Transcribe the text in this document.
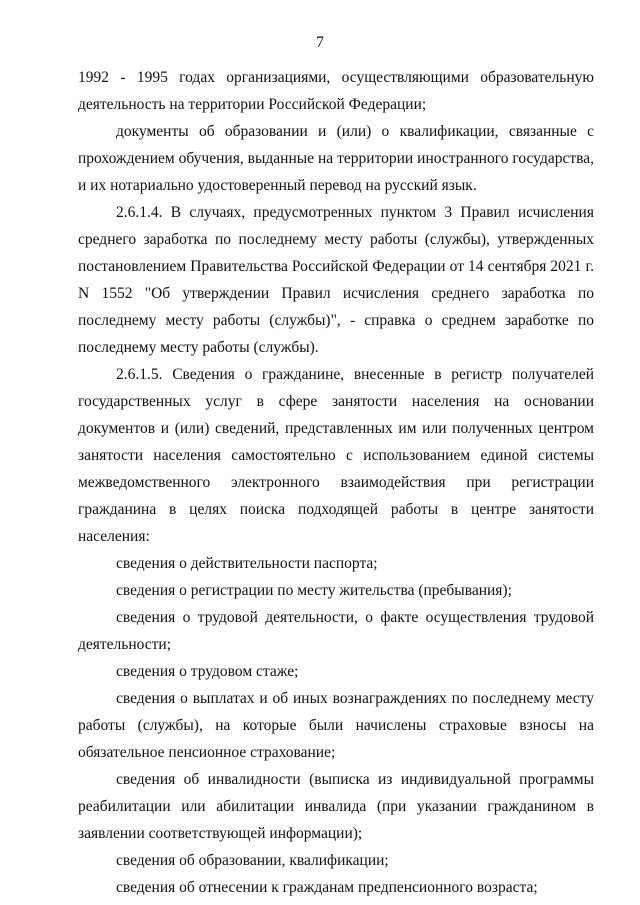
7

1992 - 1995 годах организациями, осуществляющими образовательную деятельность на территории Российской Федерации;

документы об образовании и (или) о квалификации, связанные с прохождением обучения, выданные на территории иностранного государства, и их нотариально удостоверенный перевод на русский язык.

2.6.1.4. В случаях, предусмотренных пунктом 3 Правил исчисления среднего заработка по последнему месту работы (службы), утвержденных постановлением Правительства Российской Федерации от 14 сентября 2021 г. N 1552 "Об утверждении Правил исчисления среднего заработка по последнему месту работы (службы)", - справка о среднем заработке по последнему месту работы (службы).

2.6.1.5. Сведения о гражданине, внесенные в регистр получателей государственных услуг в сфере занятости населения на основании документов и (или) сведений, представленных им или полученных центром занятости населения самостоятельно с использованием единой системы межведомственного электронного взаимодействия при регистрации гражданина в целях поиска подходящей работы в центре занятости населения:

сведения о действительности паспорта;

сведения о регистрации по месту жительства (пребывания);

сведения о трудовой деятельности, о факте осуществления трудовой деятельности;

сведения о трудовом стаже;

сведения о выплатах и об иных вознаграждениях по последнему месту работы (службы), на которые были начислены страховые взносы на обязательное пенсионное страхование;

сведения об инвалидности (выписка из индивидуальной программы реабилитации или абилитации инвалида (при указании гражданином в заявлении соответствующей информации);

сведения об образовании, квалификации;

сведения об отнесении к гражданам предпенсионного возраста;
